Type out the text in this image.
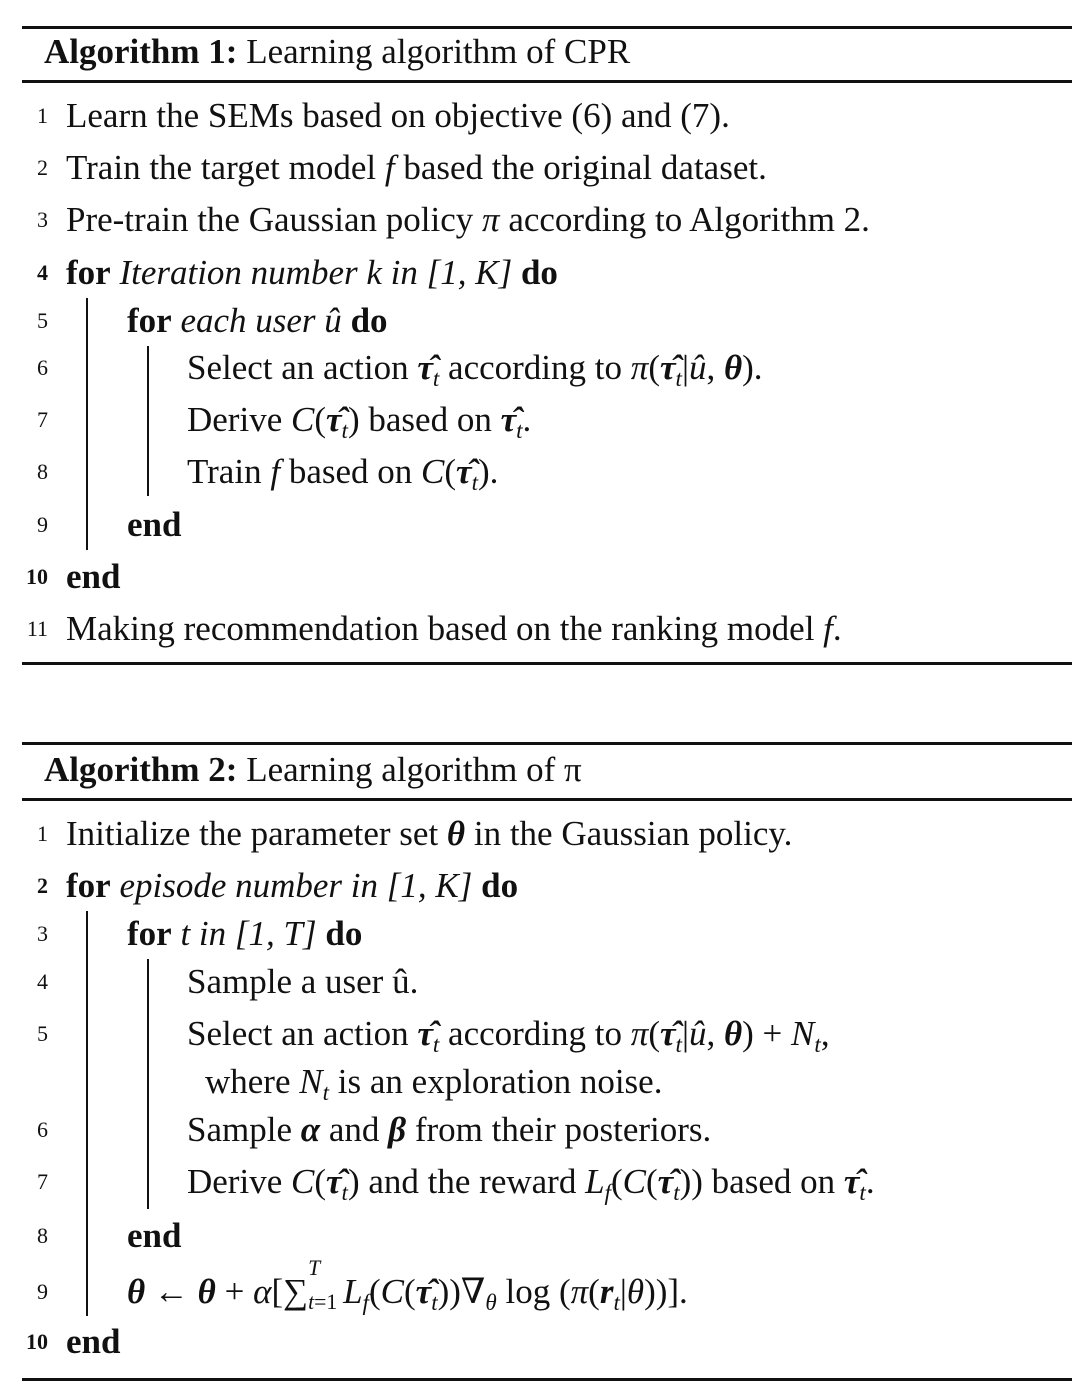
Algorithm 1: Learning algorithm of CPR
1 Learn the SEMs based on objective (6) and (7).
2 Train the target model f based the original dataset.
3 Pre-train the Gaussian policy π according to Algorithm 2.
4 for Iteration number k in [1, K] do
5 for each user û do
6	Select an action $\taû_t$ according to $\pi(\taû_t|û$, θ).
7	Derive $C(\taû_t)$ based on $\taû_t$.
8	Train f based on $C(\taû_t)$.
9 end
10 end
11 Making recommendation based on the ranking model f.
Algorithm 2: Learning algorithm of π
1 Initialize the parameter set θ in the Gaussian policy.
2 for episode number in [1, K] do
3 for t in [1, T] do
4	Sample a user û.
5	Select an action $\taû_t$ according to $\pi(\taû_t|û$, $\theta) + N_t$,
where $N_t$ is an exploration noise.
6	Sample α and β from their posteriors.
7	Derive $C(\taû_t)$ and the reward $L_f(C(\taû_t))$ based on $\taû_t$.
8 end
9 θ ← θ + α[∑
T
t=1 $L_f(C(\taû_t))\nabla_\theta$ $\log (\pi(r_t|\theta))$].
10 end
